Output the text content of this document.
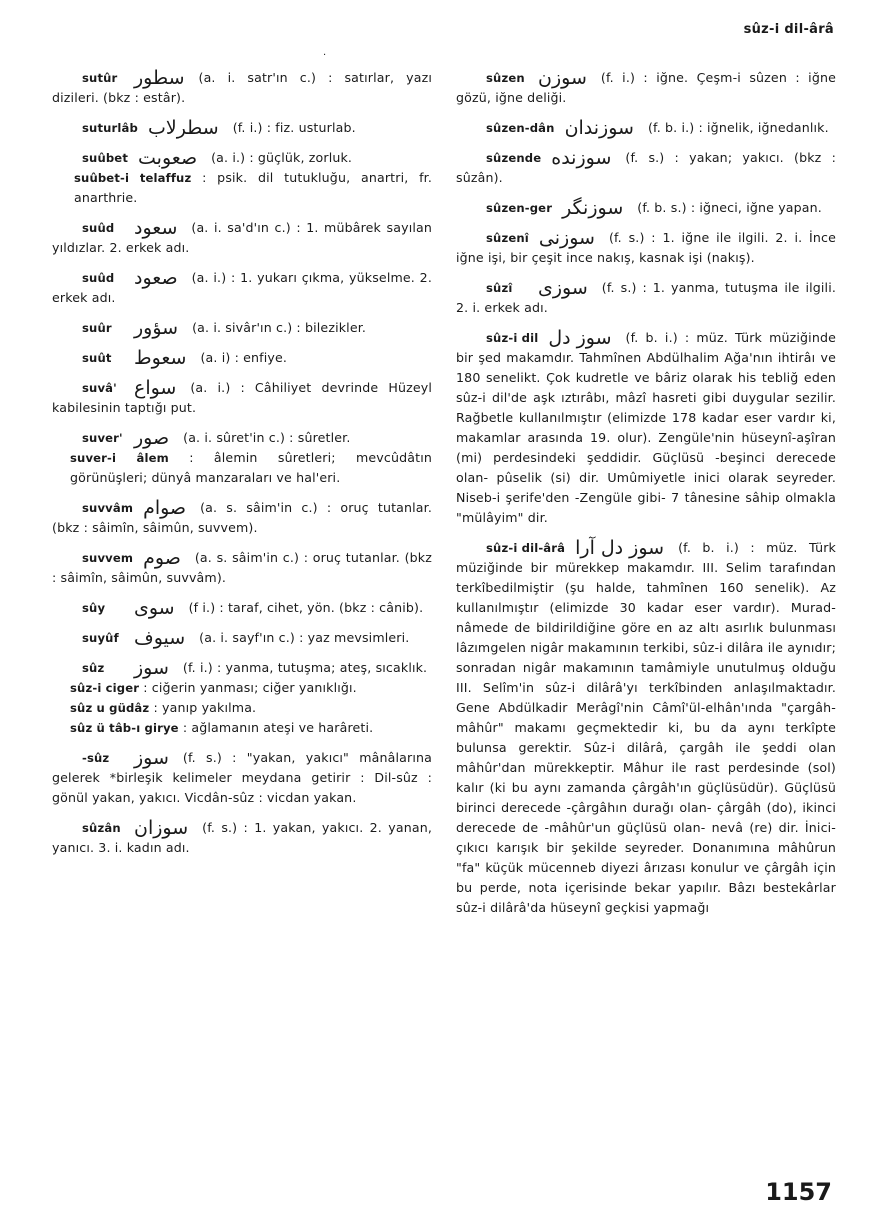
·
sûz-i dil-ârâ
sutûr سطور (a. i. satr'ın c.) : satırlar, yazı dizileri. (bkz : estâr).
suturlâb سطرلاب (f. i.) : fiz. usturlab.
suûbet صعوبت (a. i.) : güçlük, zorluk.
suûbet-i telaffuz : psik. dil tutukluğu, anartri, fr. anarthrie.
suûd سعود (a. i. sa'd'ın c.) : 1. mübârek sayılan yıldızlar. 2. erkek adı.
suûd صعود (a. i.) : 1. yukarı çıkma, yükselme. 2. erkek adı.
suûr سؤور (a. i. sivâr'ın c.) : bilezikler.
suût سعوط (a. i) : enfiye.
suvâ' سواع (a. i.) : Câhiliyet devrinde Hüzeyl kabilesinin taptığı put.
suver' صور (a. i. sûret'in c.) : sûretler.
suver-i âlem : âlemin sûretleri; mevcûdâtın görünüşleri; dünyâ manzaraları ve hal'eri.
suvvâm صوام (a. s. sâim'in c.) : oruç tutanlar. (bkz : sâimîn, sâimûn, suvvem).
suvvem صوم (a. s. sâim'in c.) : oruç tutanlar. (bkz : sâimîn, sâimûn, suvvâm).
sûy سوى (f i.) : taraf, cihet, yön. (bkz : cânib).
suyûf سيوف (a. i. sayf'ın c.) : yaz mevsimleri.
sûz سوز (f. i.) : yanma, tutuşma; ateş, sıcaklık.
sûz-i ciger : ciğerin yanması; ciğer yanıklığı.
sûz u güdâz : yanıp yakılma.
sûz ü tâb-ı girye : ağlamanın ateşi ve harâreti.
-sûz سوز (f. s.) : "yakan, yakıcı" mânâlarına gelerek *birleşik kelimeler meydana getirir : Dil-sûz : gönül yakan, yakıcı. Vicdân-sûz : vicdan yakan.
sûzân سوزان (f. s.) : 1. yakan, yakıcı. 2. yanan, yanıcı. 3. i. kadın adı.
sûzen سوزن (f. i.) : iğne. Çeşm-i sûzen : iğne gözü, iğne deliği.
sûzen-dân سوزندان (f. b. i.) : iğnelik, iğnedanlık.
sûzende سوزنده (f. s.) : yakan; yakıcı. (bkz : sûzân).
sûzen-ger سوزنگر (f. b. s.) : iğneci, iğne yapan.
sûzenî سوزنى (f. s.) : 1. iğne ile ilgili. 2. i. İnce iğne işi, bir çeşit ince nakış, kasnak işi (nakış).
sûzî سوزى (f. s.) : 1. yanma, tutuşma ile ilgili. 2. i. erkek adı.
sûz-i dil سوز دل (f. b. i.) : müz. Türk müziğinde bir şed makamdır. Tahmînen Abdülhalim Ağa'nın ihtirâı ve 180 senelikt. Çok kudretle ve bâriz olarak his tebliğ eden sûz-i dil'de aşk ıztırâbı, mâzî hasreti gibi duygular sezilir. Rağbetle kullanılmıştır (elimizde 178 kadar eser vardır ki, makamlar arasında 19. olur). Zengüle'nin hüseynî-aşîran (mi) perdesindeki şeddidir. Güçlüsü -beşinci derecede olan- pûselik (si) dir. Umûmiyetle inici olarak seyreder. Niseb-i şerife'den -Zengüle gibi- 7 tânesine sâhip olmakla "mülâyim" dir.
sûz-i dil-ârâ سوز دل آرا (f. b. i.) : müz. Türk müziğinde bir mürekkep makamdır. III. Selim tarafından terkîbedilmiştir (şu halde, tahmînen 160 senelik). Az kullanılmıştır (elimizde 30 kadar eser vardır). Murad-nâmede de bildirildiğine göre en az altı asırlık bulunması lâzımgelen nigâr makamının terkibi, sûz-i dilâra ile aynıdır; sonradan nigâr makamının tamâmiyle unutulmuş olduğu III. Selîm'in sûz-i dilârâ'yı terkîbinden anlaşılmaktadır. Gene Abdülkadir Merâgî'nin Câmî'ül-elhân'ında "çargâh-mâhûr" makamı geçmektedir ki, bu da aynı terkîpte bulunsa gerektir. Sûz-i dilârâ, çargâh ile şeddi olan mâhûr'dan mürekkeptir. Mâhur ile rast perdesinde (sol) kalır (ki bu aynı zamanda çârgâh'ın güçlüsüdür). Güçlüsü birinci derecede -çârgâhın durağı olan- çârgâh (do), ikinci derecede de -mâhûr'un güçlüsü olan- nevâ (re) dir. İnici-çıkıcı karışık bir şekilde seyreder. Donanımına mâhûrun "fa" küçük mücenneb diyezi ârızası konulur ve çârgâh için bu perde, nota içerisinde bekar yapılır. Bâzı bestekârlar sûz-i dilârâ'da hüseynî geçkisi yapmağı
1157
